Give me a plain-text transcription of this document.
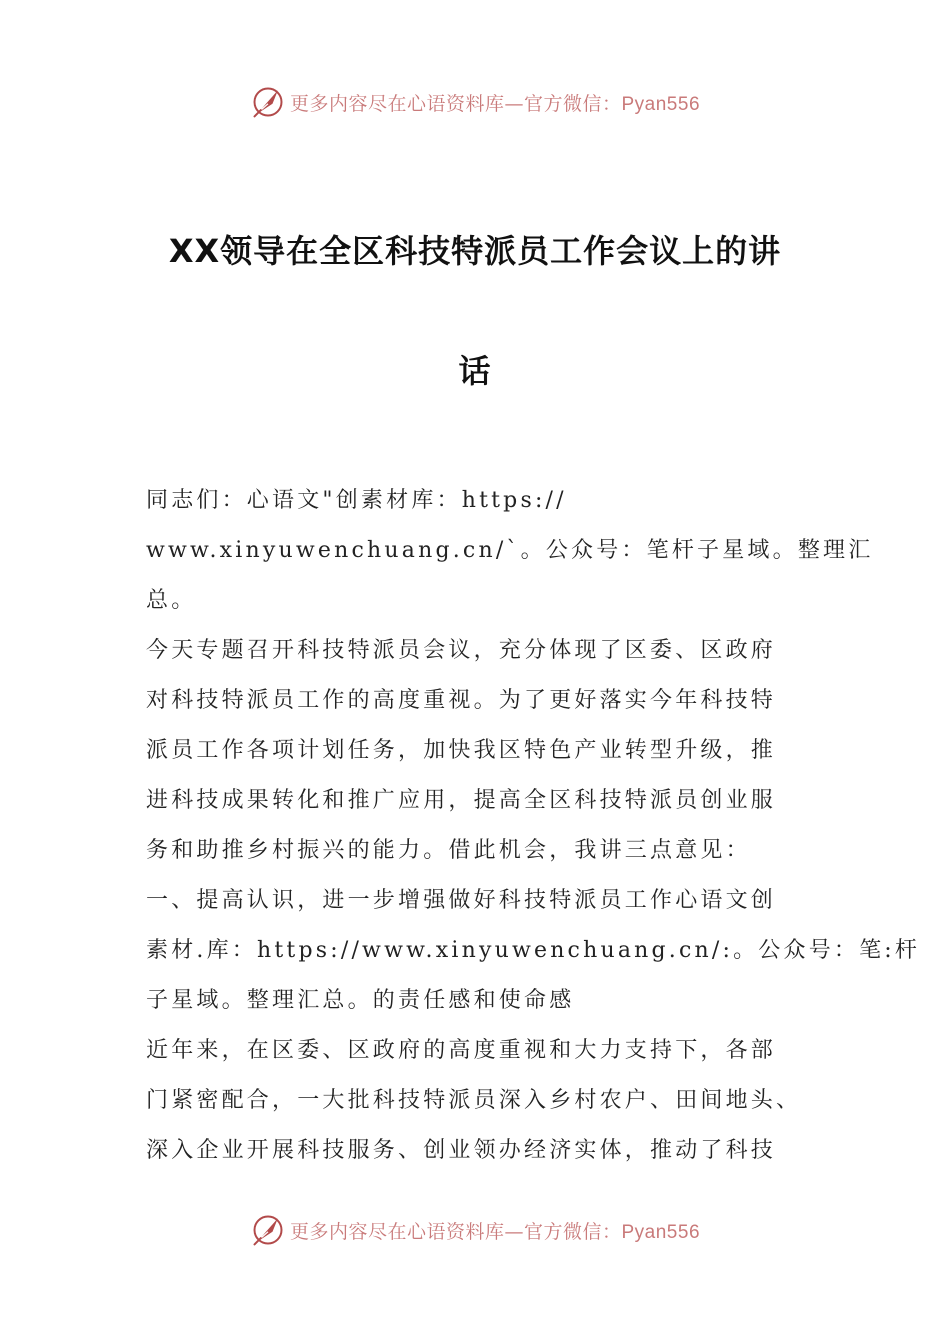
更多内容尽在心语资料库—官方微信：Pyan556
XX领导在全区科技特派员工作会议上的讲
话
同志们：心语文"创素材库：https://
www.xinyuwenchuang.cn/`。公众号：笔杆子星域。整理汇
总。
今天专题召开科技特派员会议，充分体现了区委、区政府
对科技特派员工作的高度重视。为了更好落实今年科技特
派员工作各项计划任务，加快我区特色产业转型升级，推
进科技成果转化和推广应用，提高全区科技特派员创业服
务和助推乡村振兴的能力。借此机会，我讲三点意见：
一、提高认识，进一步增强做好科技特派员工作心语文创
素材.库：https://www.xinyuwenchuang.cn/:。公众号：笔:杆
子星域。整理汇总。的责任感和使命感
近年来，在区委、区政府的高度重视和大力支持下，各部
门紧密配合，一大批科技特派员深入乡村农户、田间地头、
深入企业开展科技服务、创业领办经济实体，推动了科技
更多内容尽在心语资料库—官方微信：Pyan556
